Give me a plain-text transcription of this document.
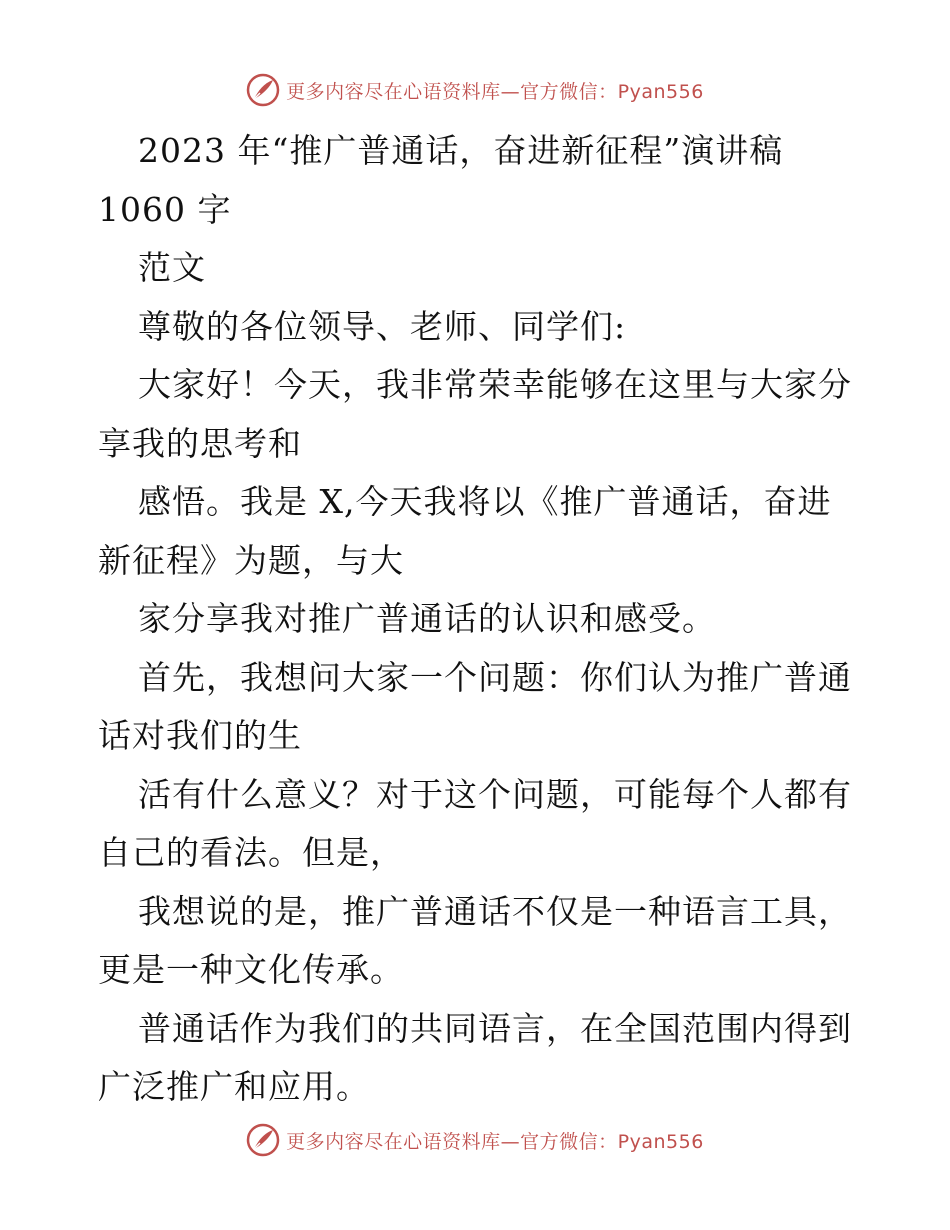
更多内容尽在心语资料库—官方微信：Pyan556

2023 年“推广普通话，奋进新征程”演讲稿
1060 字

范文

尊敬的各位领导、老师、同学们:

大家好！今天，我非常荣幸能够在这里与大家分
享我的思考和

感悟。我是 X,今天我将以《推广普通话，奋进
新征程》为题，与大

家分享我对推广普通话的认识和感受。

首先，我想问大家一个问题：你们认为推广普通
话对我们的生

活有什么意义？对于这个问题，可能每个人都有
自己的看法。但是，

我想说的是，推广普通话不仅是一种语言工具，
更是一种文化传承。

普通话作为我们的共同语言，在全国范围内得到
广泛推广和应用。

更多内容尽在心语资料库—官方微信：Pyan556
